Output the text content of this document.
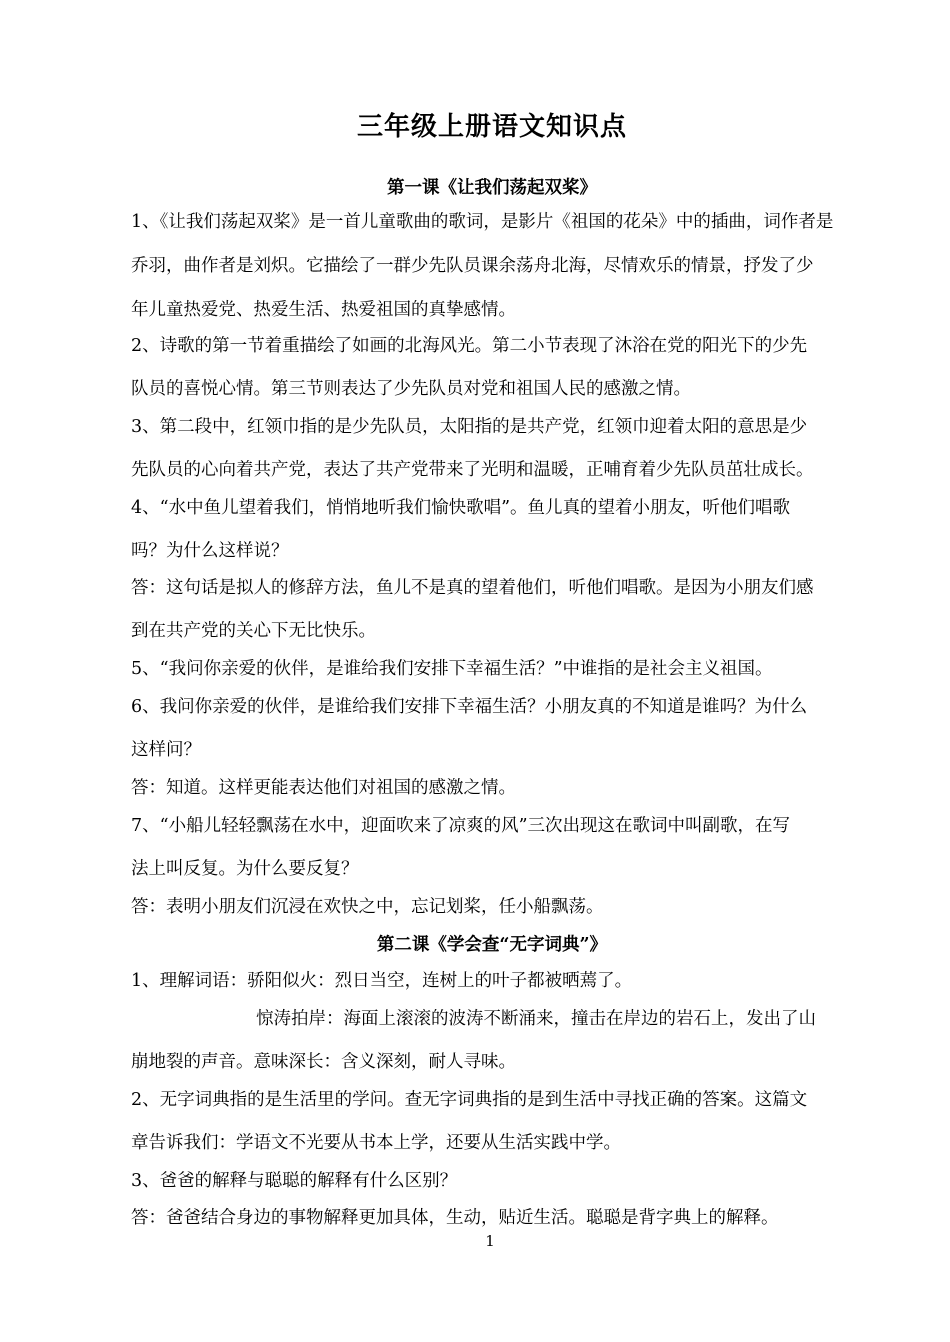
三年级上册语文知识点
第一课《让我们荡起双桨》
1、《让我们荡起双桨》是一首儿童歌曲的歌词，是影片《祖国的花朵》中的插曲，词作者是
乔羽，曲作者是刘炽。它描绘了一群少先队员课余荡舟北海，尽情欢乐的情景，抒发了少
年儿童热爱党、热爱生活、热爱祖国的真挚感情。
2、诗歌的第一节着重描绘了如画的北海风光。第二小节表现了沐浴在党的阳光下的少先
队员的喜悦心情。第三节则表达了少先队员对党和祖国人民的感激之情。
3、第二段中，红领巾指的是少先队员，太阳指的是共产党，红领巾迎着太阳的意思是少
先队员的心向着共产党，表达了共产党带来了光明和温暖，正哺育着少先队员茁壮成长。
4、“水中鱼儿望着我们，悄悄地听我们愉快歌唱”。鱼儿真的望着小朋友，听他们唱歌
吗？为什么这样说？
答：这句话是拟人的修辞方法，鱼儿不是真的望着他们，听他们唱歌。是因为小朋友们感
到在共产党的关心下无比快乐。
5、“我问你亲爱的伙伴，是谁给我们安排下幸福生活？”中谁指的是社会主义祖国。
6、我问你亲爱的伙伴，是谁给我们安排下幸福生活？小朋友真的不知道是谁吗？为什么
这样问？
答：知道。这样更能表达他们对祖国的感激之情。
7、“小船儿轻轻飘荡在水中，迎面吹来了凉爽的风”三次出现这在歌词中叫副歌，在写
法上叫反复。为什么要反复？
答：表明小朋友们沉浸在欢快之中，忘记划桨，任小船飘荡。
第二课《学会查“无字词典”》
1、理解词语：骄阳似火：烈日当空，连树上的叶子都被晒蔫了。
惊涛拍岸：海面上滚滚的波涛不断涌来，撞击在岸边的岩石上，发出了山
崩地裂的声音。意味深长：含义深刻，耐人寻味。
2、无字词典指的是生活里的学问。查无字词典指的是到生活中寻找正确的答案。这篇文
章告诉我们：学语文不光要从书本上学，还要从生活实践中学。
3、爸爸的解释与聪聪的解释有什么区别？
答：爸爸结合身边的事物解释更加具体，生动，贴近生活。聪聪是背字典上的解释。
1
